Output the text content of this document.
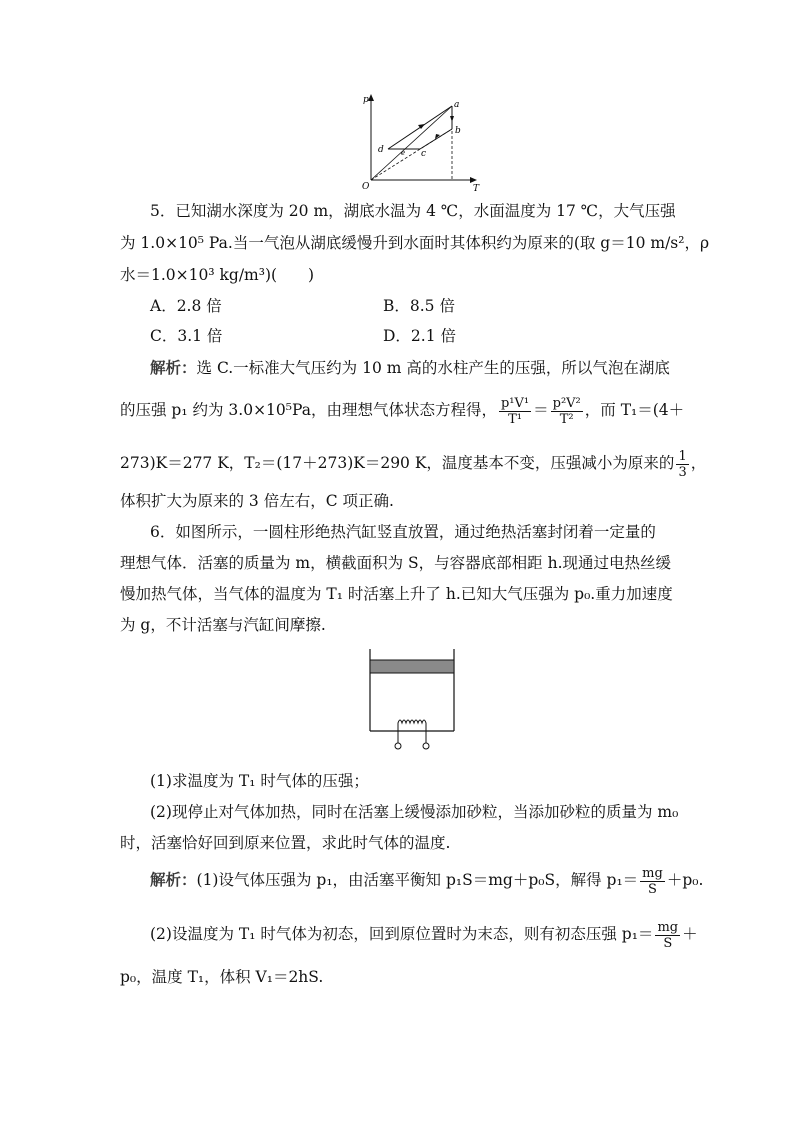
p
T
O
a
b
c
d e
5．已知湖水深度为 20 m，湖底水温为 4 ℃，水面温度为 17 ℃，大气压强
为 1.0×10⁵ Pa.当一气泡从湖底缓慢升到水面时其体积约为原来的(取 g＝10 m/s²，ρ
水＝1.0×10³ kg/m³)(　　)
A．2.8 倍	B．8.5 倍
C．3.1 倍	D．2.1 倍
解析：选 C.一标准大气压约为 10 m 高的水柱产生的压强，所以气泡在湖底
的压强 p₁ 约为 3.0×10⁵Pa，由理想气体状态方程得， $\frac{\text{p¹V¹}}{\text{T¹}} = \frac{\text{p²V²}}{\text{T²}}$ ，而 T₁＝(4＋
273)K＝277 K，T₂＝(17＋273)K＝290 K，温度基本不变，压强减小为原来的 $\frac{1}{3}$ ，
体积扩大为原来的 3 倍左右，C 项正确.
6．如图所示，一圆柱形绝热汽缸竖直放置，通过绝热活塞封闭着一定量的
理想气体．活塞的质量为 m，横截面积为 S，与容器底部相距 h.现通过电热丝缓
慢加热气体，当气体的温度为 T₁ 时活塞上升了 h.已知大气压强为 p₀.重力加速度
为 g，不计活塞与汽缸间摩擦.
(1)求温度为 T₁ 时气体的压强；
(2)现停止对气体加热，同时在活塞上缓慢添加砂粒，当添加砂粒的质量为 m₀
时，活塞恰好回到原来位置，求此时气体的温度.
解析：(1)设气体压强为 p₁，由活塞平衡知 p₁S＝mg＋p₀S，解得 $p_1= \frac{mg}{S} +p_0$.
(2)设温度为 T₁ 时气体为初态，回到原位置时为末态，则有初态压强 $p_1= \frac{mg}{S}$ ＋
p₀，温度 T₁，体积 V₁＝2hS.
